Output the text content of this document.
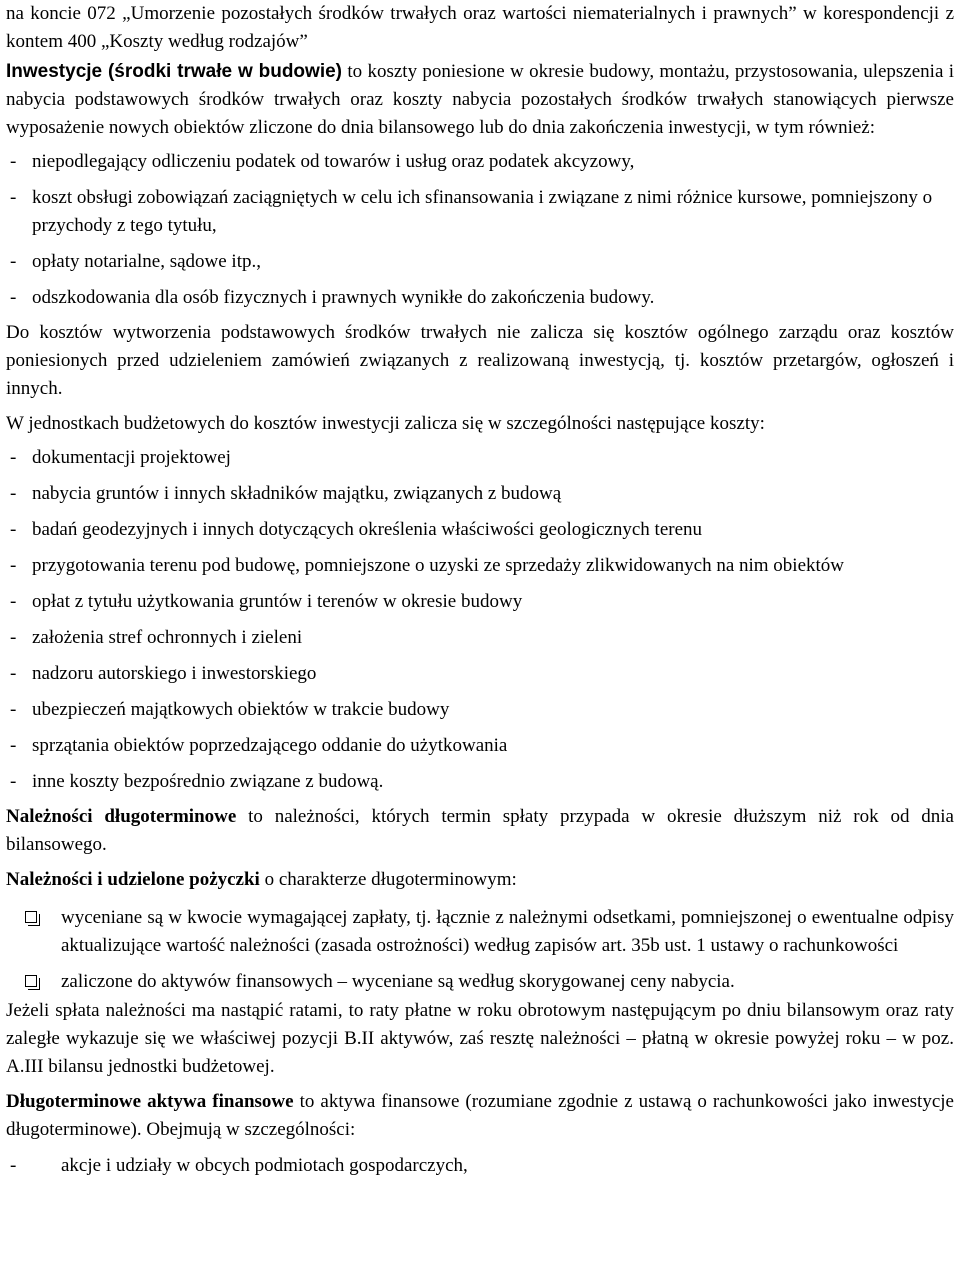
na koncie 072 „Umorzenie pozostałych środków trwałych oraz wartości niematerialnych i prawnych” w korespondencji z kontem 400 „Koszty według rodzajów”

Inwestycje (środki trwałe w budowie) to koszty poniesione w okresie budowy, montażu, przystosowania, ulepszenia i nabycia podstawowych środków trwałych oraz koszty nabycia pozostałych środków trwałych stanowiących pierwsze wyposażenie nowych obiektów zliczone do dnia bilansowego lub do dnia zakończenia inwestycji, w tym również:

- niepodlegający odliczeniu podatek od towarów i usług oraz podatek akcyzowy,
- koszt obsługi zobowiązań zaciągniętych w celu ich sfinansowania i związane z nimi różnice kursowe, pomniejszony o przychody z tego tytułu,
- opłaty notarialne, sądowe itp.,
- odszkodowania dla osób fizycznych i prawnych wynikłe do zakończenia budowy.

Do kosztów wytworzenia podstawowych środków trwałych nie zalicza się kosztów ogólnego zarządu oraz kosztów poniesionych przed udzieleniem zamówień związanych z realizowaną inwestycją, tj. kosztów przetargów, ogłoszeń i innych.

W jednostkach budżetowych do kosztów inwestycji zalicza się w szczególności następujące koszty:

- dokumentacji projektowej
- nabycia gruntów i innych składników majątku, związanych z budową
- badań geodezyjnych i innych dotyczących określenia właściwości geologicznych terenu
- przygotowania terenu pod budowę, pomniejszone o uzyski ze sprzedaży zlikwidowanych na nim obiektów
- opłat z tytułu użytkowania gruntów i terenów w okresie budowy
- założenia stref ochronnych i zieleni
- nadzoru autorskiego i inwestorskiego
- ubezpieczeń majątkowych obiektów w trakcie budowy
- sprzątania obiektów poprzedzającego oddanie do użytkowania
- inne koszty bezpośrednio związane z budową.

Należności długoterminowe to należności, których termin spłaty przypada w okresie dłuższym niż rok od dnia bilansowego.

Należności i udzielone pożyczki o charakterze długoterminowym:

wyceniane są w kwocie wymagającej zapłaty, tj. łącznie z należnymi odsetkami, pomniejszonej o ewentualne odpisy aktualizujące wartość należności (zasada ostrożności) według zapisów art. 35b ust. 1 ustawy o rachunkowości
zaliczone do aktywów finansowych – wyceniane są według skorygowanej ceny nabycia.

Jeżeli spłata należności ma nastąpić ratami, to raty płatne w roku obrotowym następującym po dniu bilansowym oraz raty zaległe wykazuje się we właściwej pozycji B.II aktywów, zaś resztę należności – płatną w okresie powyżej roku – w poz. A.III bilansu jednostki budżetowej.

Długoterminowe aktywa finansowe to aktywa finansowe (rozumiane zgodnie z ustawą o rachunkowości jako inwestycje długoterminowe). Obejmują w szczególności:

- akcje i udziały w obcych podmiotach gospodarczych,
